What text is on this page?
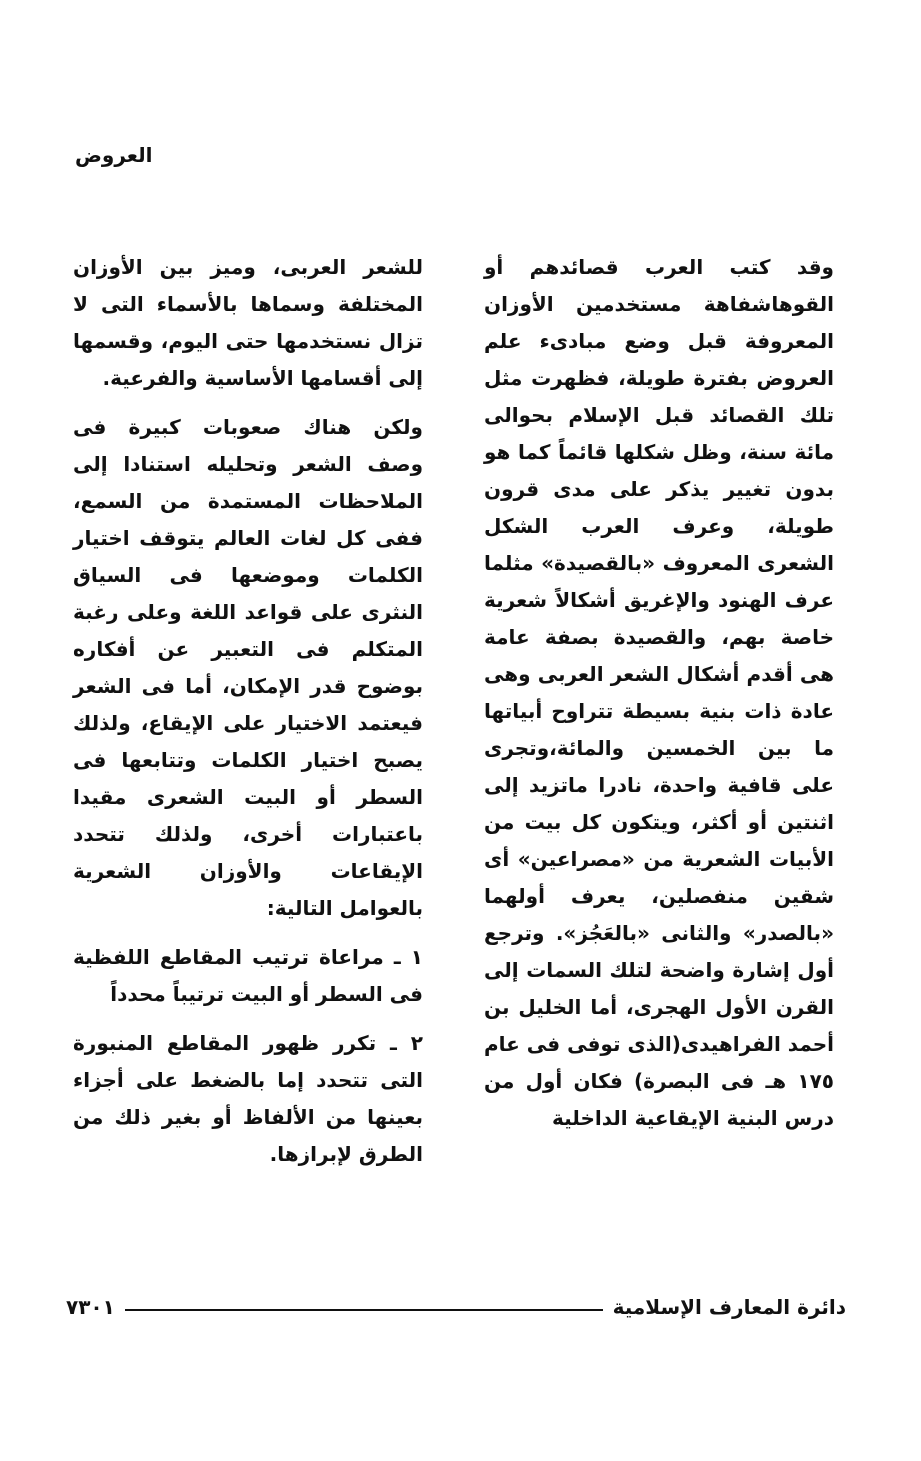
العروض

وقد كتب العرب قصائدهم أو القوهاشفاهة مستخدمين الأوزان المعروفة قبل وضع مبادىء علم العروض بفترة طويلة، فظهرت مثل تلك القصائد قبل الإسلام بحوالى مائة سنة، وظل شكلها قائماً كما هو بدون تغيير يذكر على مدى قرون طويلة، وعرف العرب الشكل الشعرى المعروف «بالقصيدة» مثلما عرف الهنود والإغريق أشكالاً شعرية خاصة بهم، والقصيدة بصفة عامة هى أقدم أشكال الشعر العربى وهى عادة ذات بنية بسيطة تتراوح أبياتها ما بين الخمسين والمائة،وتجرى على قافية واحدة، نادرا ماتزيد إلى اثنتين أو أكثر، ويتكون كل بيت من الأبيات الشعرية من «مصراعين» أى شقين منفصلين، يعرف أولهما «بالصدر» والثانى «بالعَجُز». وترجع أول إشارة واضحة لتلك السمات إلى القرن الأول الهجرى، أما الخليل بن أحمد الفراهيدى(الذى توفى فى عام ١٧٥ هـ فى البصرة) فكان أول من درس البنية الإيقاعية الداخلية

للشعر العربى، وميز بين الأوزان المختلفة وسماها بالأسماء التى لا تزال نستخدمها حتى اليوم، وقسمها إلى أقسامها الأساسية والفرعية.

ولكن هناك صعوبات كبيرة فى وصف الشعر وتحليله استنادا إلى الملاحظات المستمدة من السمع، ففى كل لغات العالم يتوقف اختيار الكلمات وموضعها فى السياق النثرى على قواعد اللغة وعلى رغبة المتكلم فى التعبير عن أفكاره بوضوح قدر الإمكان، أما فى الشعر فيعتمد الاختيار على الإيقاع، ولذلك يصبح اختيار الكلمات وتتابعها فى السطر أو البيت الشعرى مقيدا باعتبارات أخرى، ولذلك تتحدد الإيقاعات والأوزان الشعرية بالعوامل التالية:

١ ـ مراعاة ترتيب المقاطع اللفظية فى السطر أو البيت ترتيباً محدداً

٢ ـ تكرر ظهور المقاطع المنبورة التى تتحدد إما بالضغط على أجزاء بعينها من الألفاظ أو بغير ذلك من الطرق لإبرازها.

دائرة المعارف الإسلامية
٧٣٠١
